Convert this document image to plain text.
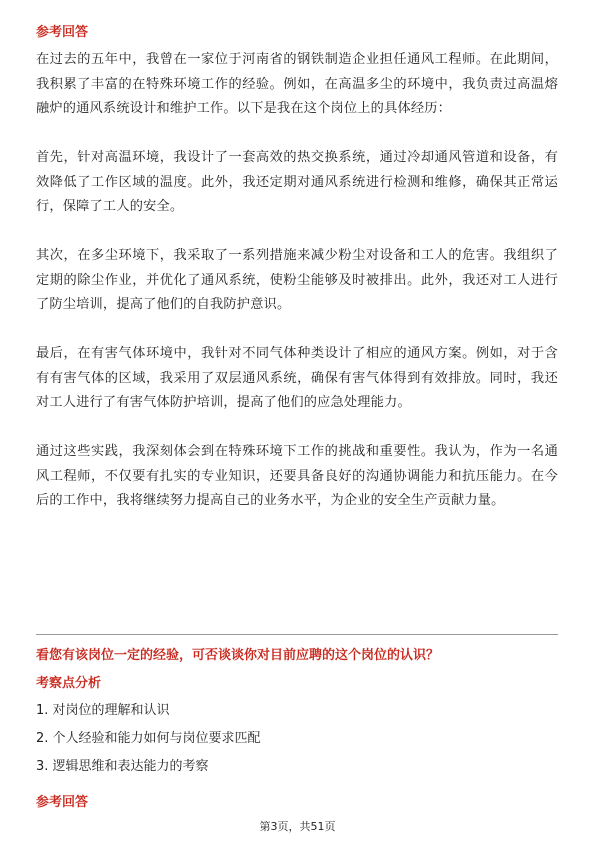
参考回答

在过去的五年中，我曾在一家位于河南省的钢铁制造企业担任通风工程师。在此期间，我积累了丰富的在特殊环境工作的经验。例如，在高温多尘的环境中，我负责过高温熔融炉的通风系统设计和维护工作。以下是我在这个岗位上的具体经历：

首先，针对高温环境，我设计了一套高效的热交换系统，通过冷却通风管道和设备，有效降低了工作区域的温度。此外，我还定期对通风系统进行检测和维修，确保其正常运行，保障了工人的安全。

其次，在多尘环境下，我采取了一系列措施来减少粉尘对设备和工人的危害。我组织了定期的除尘作业，并优化了通风系统，使粉尘能够及时被排出。此外，我还对工人进行了防尘培训，提高了他们的自我防护意识。

最后，在有害气体环境中，我针对不同气体种类设计了相应的通风方案。例如，对于含有有害气体的区域，我采用了双层通风系统，确保有害气体得到有效排放。同时，我还对工人进行了有害气体防护培训，提高了他们的应急处理能力。

通过这些实践，我深刻体会到在特殊环境下工作的挑战和重要性。我认为，作为一名通风工程师，不仅要有扎实的专业知识，还要具备良好的沟通协调能力和抗压能力。在今后的工作中，我将继续努力提高自己的业务水平，为企业的安全生产贡献力量。

看您有该岗位一定的经验，可否谈谈你对目前应聘的这个岗位的认识？
考察点分析
1. 对岗位的理解和认识
2. 个人经验和能力如何与岗位要求匹配
3. 逻辑思维和表达能力的考察
参考回答
第3页，共51页
